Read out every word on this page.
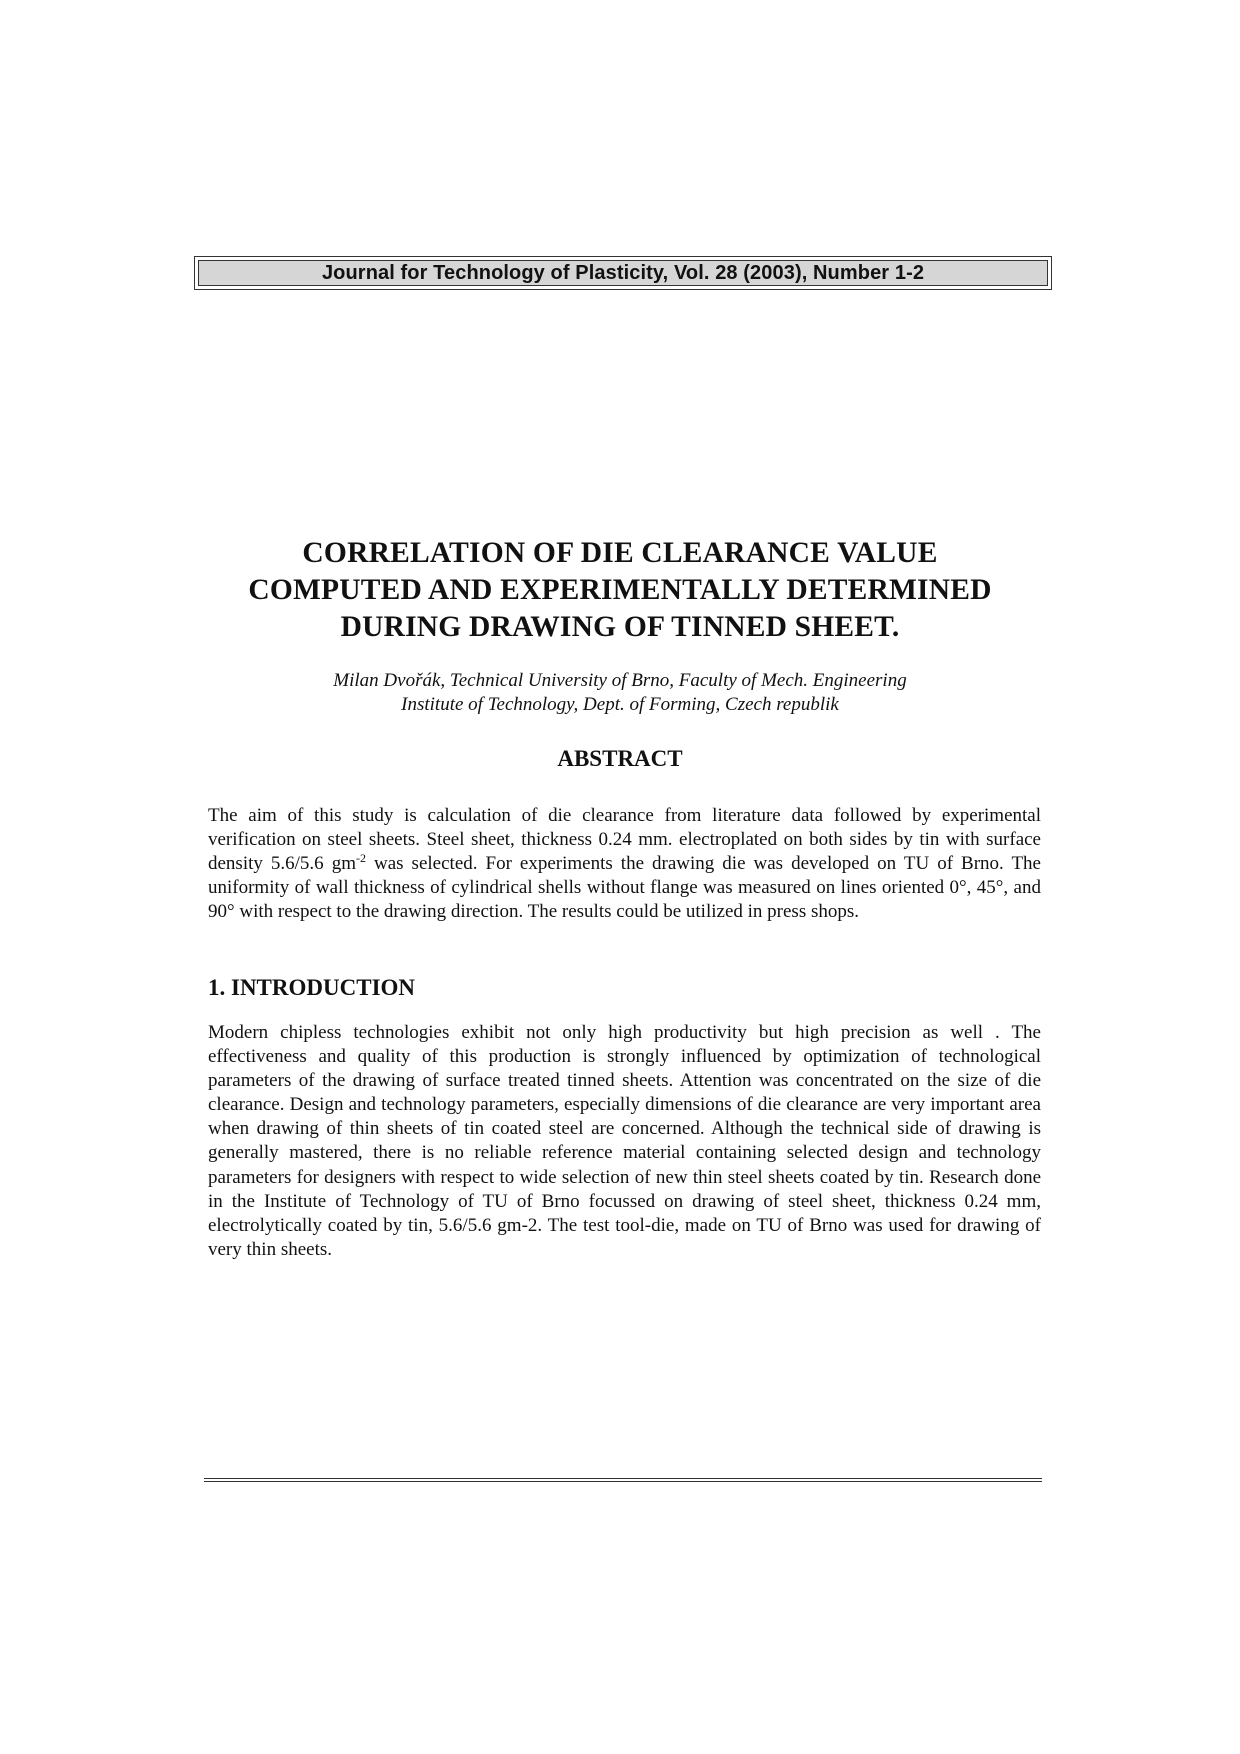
Journal for Technology of Plasticity, Vol. 28 (2003), Number 1-2
CORRELATION OF DIE CLEARANCE VALUE
COMPUTED AND EXPERIMENTALLY DETERMINED
DURING DRAWING OF TINNED SHEET.
Milan Dvořák, Technical University of Brno, Faculty of Mech. Engineering
Institute of Technology, Dept. of Forming, Czech republik
ABSTRACT

The aim of this study is calculation of die clearance from literature data followed by experimental verification on steel sheets. Steel sheet, thickness 0.24 mm. electroplated on both sides by tin with surface density 5.6/5.6 $gm^{-2}$ was selected. For experiments the drawing die was developed on TU of Brno. The uniformity of wall thickness of cylindrical shells without flange was measured on lines oriented 0°, 45°, and 90° with respect to the drawing direction. The results could be utilized in press shops.

1. INTRODUCTION

Modern chipless technologies exhibit not only high productivity but high precision as well . The effectiveness and quality of this production is strongly influenced by optimization of technological parameters of the drawing of surface treated tinned sheets. Attention was concentrated on the size of die clearance. Design and technology parameters, especially dimensions of die clearance are very important area when drawing of thin sheets of tin coated steel are concerned. Although the technical side of drawing is generally mastered, there is no reliable reference material containing selected design and technology parameters for designers with respect to wide selection of new thin steel sheets coated by tin. Research done in the Institute of Technology of TU of Brno focussed on drawing of steel sheet, thickness 0.24 mm, electrolytically coated by tin, 5.6/5.6 gm-2. The test tool-die, made on TU of Brno was used for drawing of very thin sheets.
